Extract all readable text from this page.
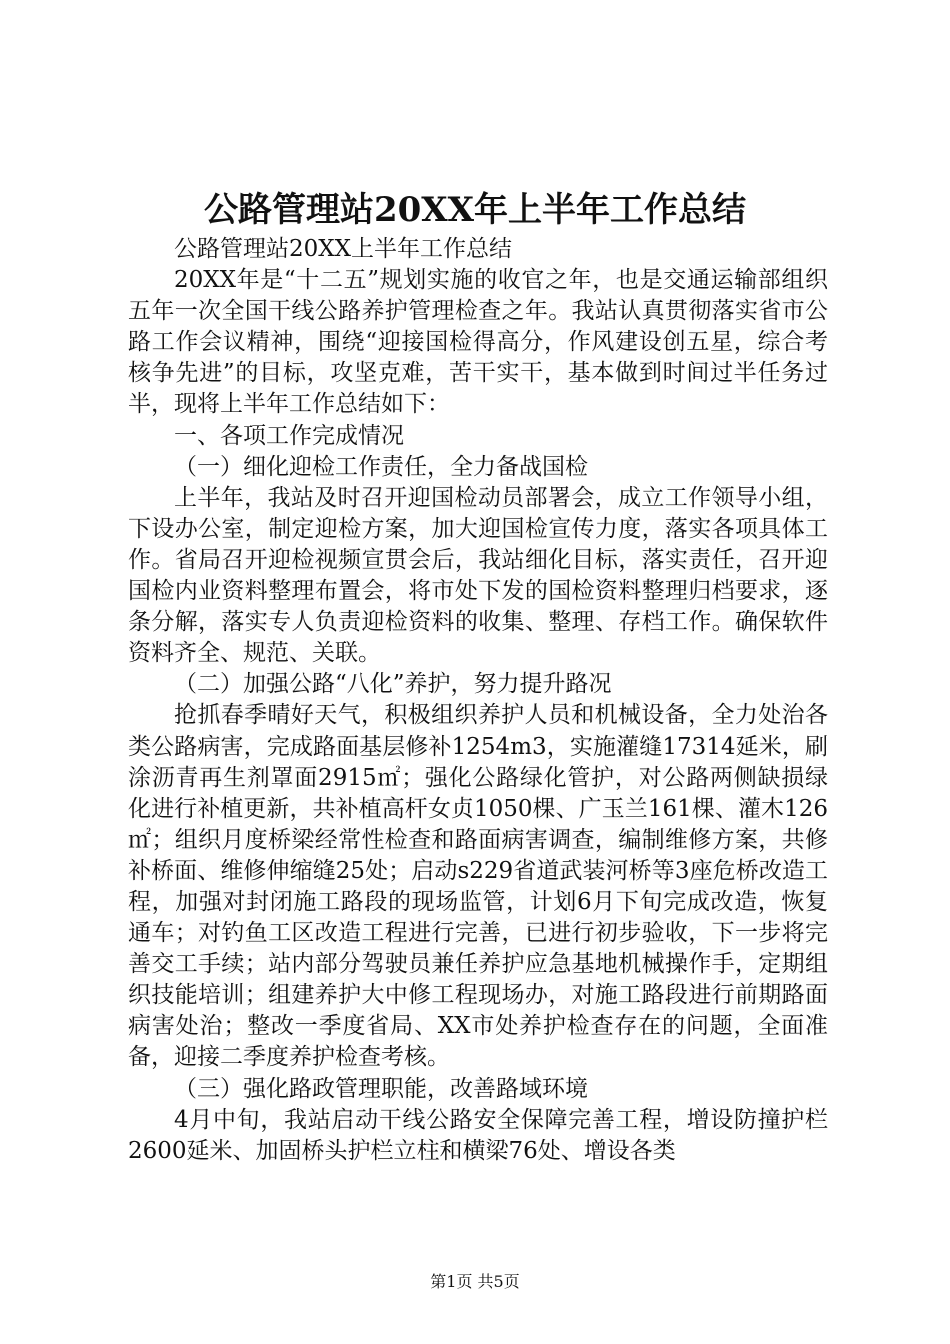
公路管理站20XX年上半年工作总结

公路管理站20XX上半年工作总结

20XX年是“十二五”规划实施的收官之年，也是交通运输部组织五年一次全国干线公路养护管理检查之年。我站认真贯彻落实省市公路工作会议精神，围绕“迎接国检得高分，作风建设创五星，综合考核争先进”的目标，攻坚克难，苦干实干，基本做到时间过半任务过半，现将上半年工作总结如下：

一、各项工作完成情况

（一）细化迎检工作责任，全力备战国检

上半年，我站及时召开迎国检动员部署会，成立工作领导小组，下设办公室，制定迎检方案，加大迎国检宣传力度，落实各项具体工作。省局召开迎检视频宣贯会后，我站细化目标，落实责任，召开迎国检内业资料整理布置会，将市处下发的国检资料整理归档要求，逐条分解，落实专人负责迎检资料的收集、整理、存档工作。确保软件资料齐全、规范、关联。

（二）加强公路“八化”养护，努力提升路况

抢抓春季晴好天气，积极组织养护人员和机械设备，全力处治各类公路病害，完成路面基层修补1254m3，实施灌缝17314延米，刷涂沥青再生剂罩面2915㎡；强化公路绿化管护，对公路两侧缺损绿化进行补植更新，共补植高杆女贞1050棵、广玉兰161棵、灌木126㎡；组织月度桥梁经常性检查和路面病害调查，编制维修方案，共修补桥面、维修伸缩缝25处；启动s229省道武装河桥等3座危桥改造工程，加强对封闭施工路段的现场监管，计划6月下旬完成改造，恢复通车；对钓鱼工区改造工程进行完善，已进行初步验收，下一步将完善交工手续；站内部分驾驶员兼任养护应急基地机械操作手，定期组织技能培训；组建养护大中修工程现场办，对施工路段进行前期路面病害处治；整改一季度省局、XX市处养护检查存在的问题，全面准备，迎接二季度养护检查考核。

（三）强化路政管理职能，改善路域环境

4月中旬，我站启动干线公路安全保障完善工程，增设防撞护栏2600延米、加固桥头护栏立柱和横梁76处、增设各类

第1页 共5页
